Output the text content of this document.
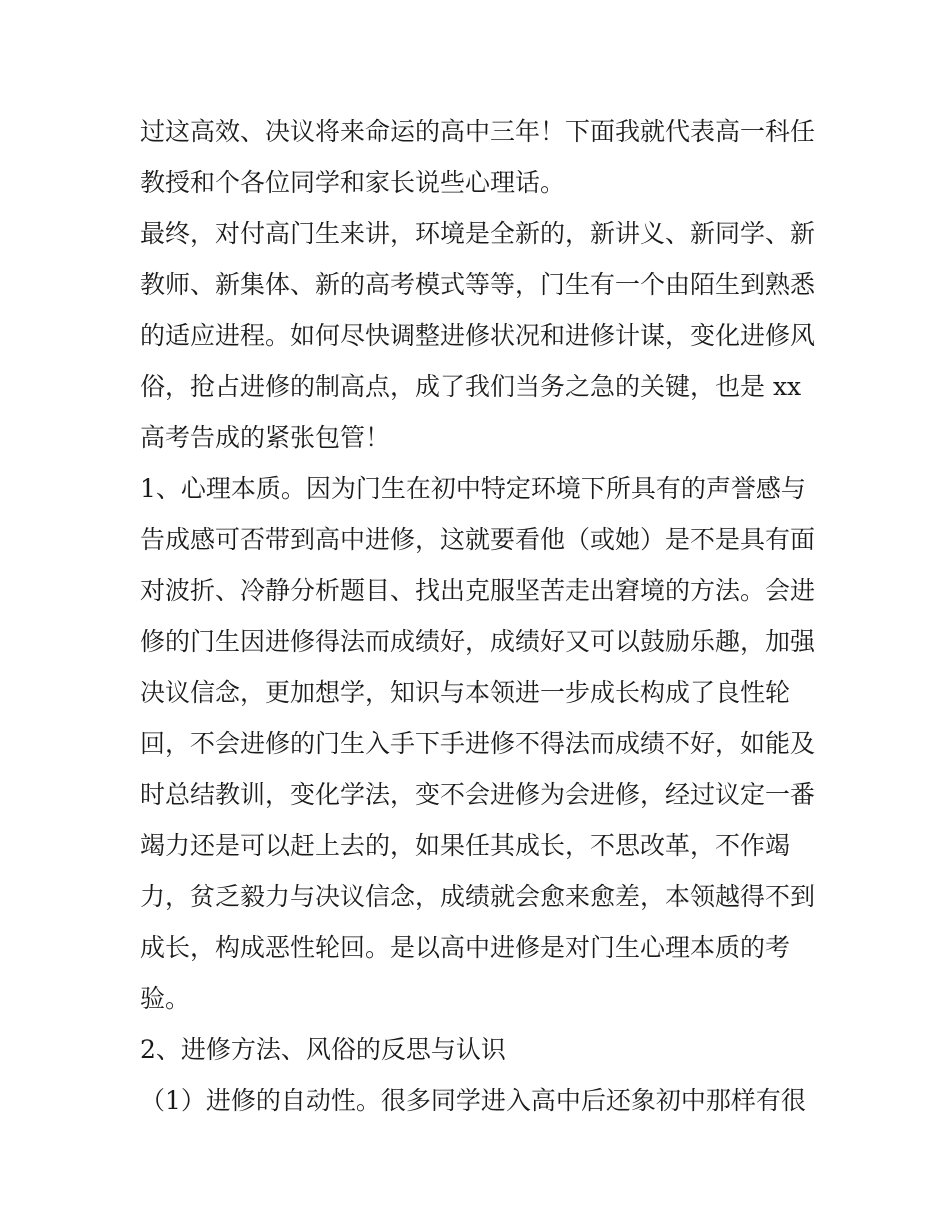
过这高效、决议将来命运的高中三年！下面我就代表高一科任
教授和个各位同学和家长说些心理话。
最终，对付高门生来讲，环境是全新的，新讲义、新同学、新
教师、新集体、新的高考模式等等，门生有一个由陌生到熟悉
的适应进程。如何尽快调整进修状况和进修计谋，变化进修风
俗，抢占进修的制高点，成了我们当务之急的关键，也是 xx
高考告成的紧张包管！
1、心理本质。因为门生在初中特定环境下所具有的声誉感与
告成感可否带到高中进修，这就要看他（或她）是不是具有面
对波折、冷静分析题目、找出克服坚苦走出窘境的方法。会进
修的门生因进修得法而成绩好，成绩好又可以鼓励乐趣，加强
决议信念，更加想学，知识与本领进一步成长构成了良性轮
回，不会进修的门生入手下手进修不得法而成绩不好，如能及
时总结教训，变化学法，变不会进修为会进修，经过议定一番
竭力还是可以赶上去的，如果任其成长，不思改革，不作竭
力，贫乏毅力与决议信念，成绩就会愈来愈差，本领越得不到
成长，构成恶性轮回。是以高中进修是对门生心理本质的考
验。
2、进修方法、风俗的反思与认识
（1）进修的自动性。很多同学进入高中后还象初中那样有很
